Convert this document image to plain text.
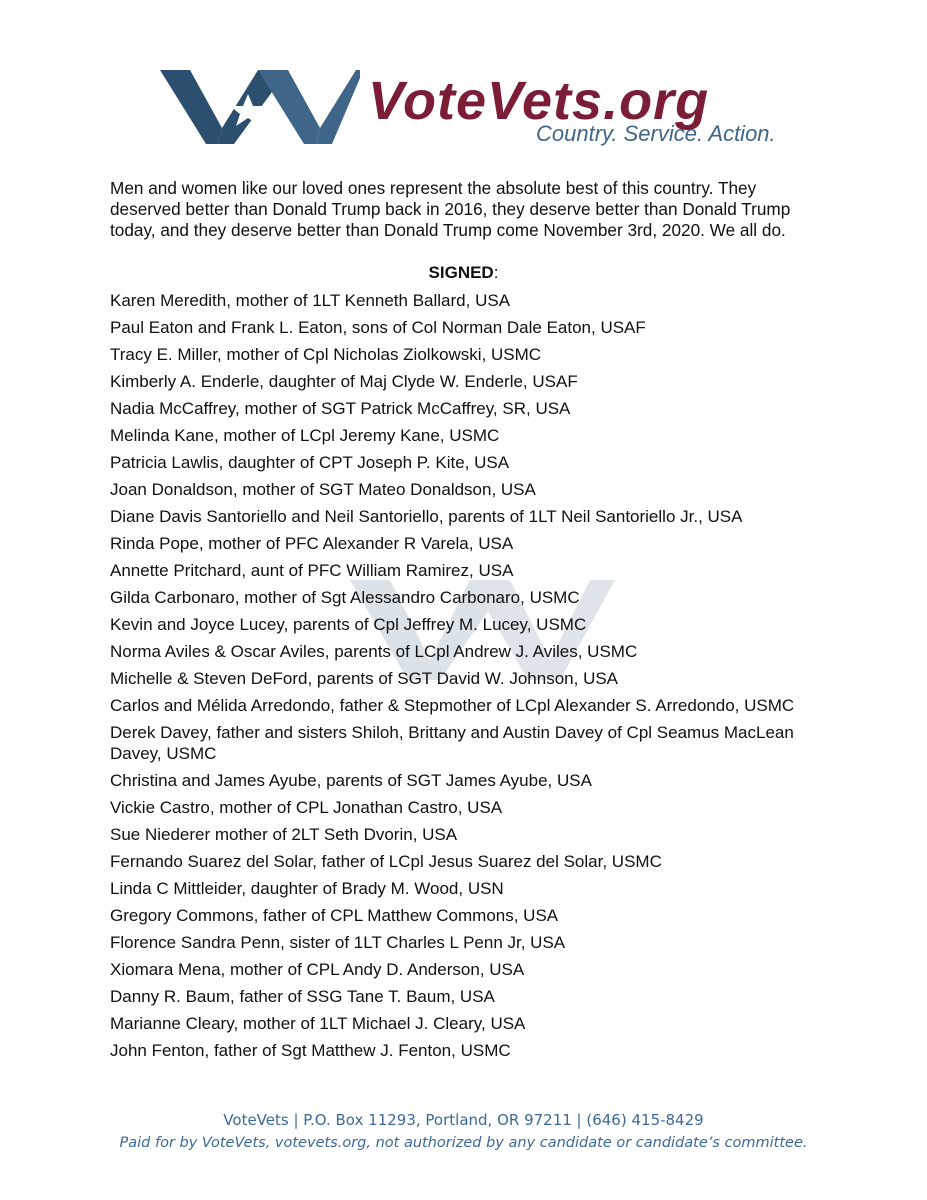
VoteVets.org
Country. Service. Action.

Men and women like our loved ones represent the absolute best of this country. They deserved better than Donald Trump back in 2016, they deserve better than Donald Trump today, and they deserve better than Donald Trump come November 3rd, 2020. We all do.

SIGNED:
Karen Meredith, mother of 1LT Kenneth Ballard, USA
Paul Eaton and Frank L. Eaton, sons of Col Norman Dale Eaton, USAF
Tracy E. Miller, mother of Cpl Nicholas Ziolkowski, USMC
Kimberly A. Enderle, daughter of Maj Clyde W. Enderle, USAF
Nadia McCaffrey, mother of SGT Patrick McCaffrey, SR, USA
Melinda Kane, mother of LCpl Jeremy Kane, USMC
Patricia Lawlis, daughter of CPT Joseph P. Kite, USA
Joan Donaldson, mother of SGT Mateo Donaldson, USA
Diane Davis Santoriello and Neil Santoriello, parents of 1LT Neil Santoriello Jr., USA
Rinda Pope, mother of PFC Alexander R Varela, USA
Annette Pritchard, aunt of PFC William Ramirez, USA
Gilda Carbonaro, mother of Sgt Alessandro Carbonaro, USMC
Kevin and Joyce Lucey, parents of Cpl Jeffrey M. Lucey, USMC
Norma Aviles & Oscar Aviles, parents of LCpl Andrew J. Aviles, USMC
Michelle & Steven DeFord, parents of SGT David W. Johnson, USA
Carlos and Mélida Arredondo, father & Stepmother of LCpl Alexander S. Arredondo, USMC
Derek Davey, father and sisters Shiloh, Brittany and Austin Davey of Cpl Seamus MacLean Davey, USMC
Christina and James Ayube, parents of SGT James Ayube, USA
Vickie Castro, mother of CPL Jonathan Castro, USA
Sue Niederer mother of 2LT Seth Dvorin, USA
Fernando Suarez del Solar, father of LCpl Jesus Suarez del Solar, USMC
Linda C Mittleider, daughter of Brady M. Wood, USN
Gregory Commons, father of CPL Matthew Commons, USA
Florence Sandra Penn, sister of 1LT Charles L Penn Jr, USA
Xiomara Mena, mother of CPL Andy D. Anderson, USA
Danny R. Baum, father of SSG Tane T. Baum, USA
Marianne Cleary, mother of 1LT Michael J. Cleary, USA
John Fenton, father of Sgt Matthew J. Fenton, USMC
VoteVets | P.O. Box 11293, Portland, OR 97211 | (646) 415-8429
Paid for by VoteVets, votevets.org, not authorized by any candidate or candidate’s committee.
